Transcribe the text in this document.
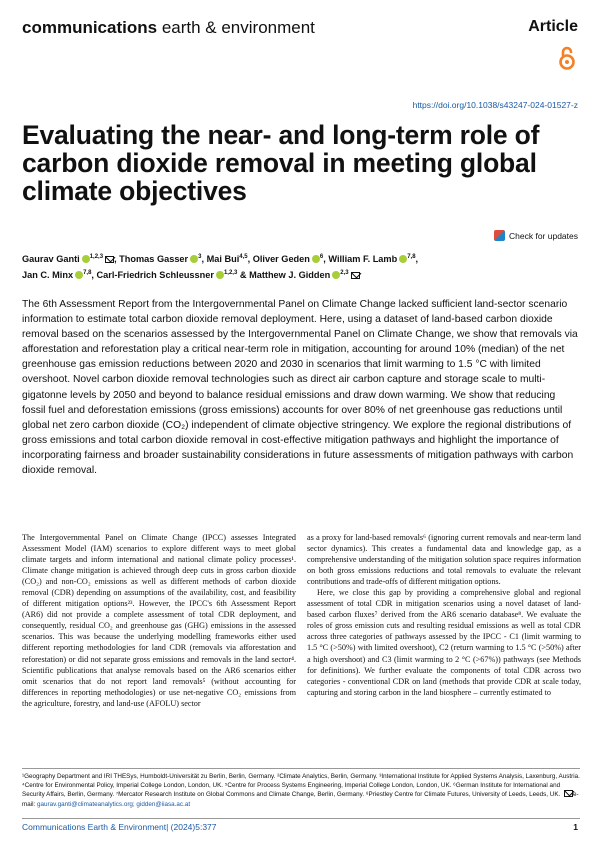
communications earth & environment	Article
https://doi.org/10.1038/s43247-024-01527-z
Evaluating the near- and long-term role of carbon dioxide removal in meeting global climate objectives
Check for updates
Gaurav Ganti $^{1,2,3}$ , Thomas Gasser $^3$, Mai Bui$^{4,5}$, Oliver Geden $^6$, William F. Lamb $^{7,8}$,
Jan C. Minx $^{7,8}$, Carl-Friedrich Schleussner $^{1,2,3}$ & Matthew J. Gidden $^{2,3}$
The 6th Assessment Report from the Intergovernmental Panel on Climate Change lacked sufficient land-sector scenario information to estimate total carbon dioxide removal deployment. Here, using a dataset of land-based carbon dioxide removal based on the scenarios assessed by the Intergovernmental Panel on Climate Change, we show that removals via afforestation and reforestation play a critical near-term role in mitigation, accounting for around 10% (median) of the net greenhouse gas emission reductions between 2020 and 2030 in scenarios that limit warming to 1.5 °C with limited overshoot. Novel carbon dioxide removal technologies such as direct air carbon capture and storage scale to multi-gigatonne levels by 2050 and beyond to balance residual emissions and draw down warming. We show that reducing fossil fuel and deforestation emissions (gross emissions) accounts for over 80% of net greenhouse gas reductions until global net zero carbon dioxide (CO₂) independent of climate objective stringency. We explore the regional distributions of gross emissions and total carbon dioxide removal in cost-effective mitigation pathways and highlight the importance of incorporating fairness and broader sustainability considerations in future assessments of mitigation pathways with carbon dioxide removal.

The Intergovernmental Panel on Climate Change (IPCC) assesses Integrated Assessment Model (IAM) scenarios to explore different ways to meet global climate targets and inform international and national climate policy processes¹. Climate change mitigation is achieved through deep cuts in gross carbon dioxide (CO₂) and non-CO₂ emissions as well as different methods of carbon dioxide removal (CDR) depending on assumptions of the availability, cost, and feasibility of different mitigation options²³. However, the IPCC's 6th Assessment Report (AR6) did not provide a complete assessment of total CDR deployment, and consequently, residual CO₂ and greenhouse gas (GHG) emissions in the assessed scenarios. This was because the underlying modelling frameworks either used different reporting methodologies for land CDR (removals via afforestation and reforestation) or did not separate gross emissions and removals in the land sector⁴. Scientific publications that analyse removals based on the AR6 scenarios either omit scenarios that do not report land removals⁵ (without accounting for differences in reporting methodologies) or use net-negative CO₂ emissions from the agriculture, forestry, and land-use (AFOLU) sector

as a proxy for land-based removals⁶ (ignoring current removals and near-term land sector dynamics). This creates a fundamental data and knowledge gap, as a comprehensive understanding of the mitigation solution space requires information on both gross emissions reductions and total removals to evaluate the relevant contributions and trade-offs of different mitigation options.

Here, we close this gap by providing a comprehensive global and regional assessment of total CDR in mitigation scenarios using a novel dataset of land-based carbon fluxes⁷ derived from the AR6 scenario database⁸. We evaluate the roles of gross emission cuts and resulting residual emissions as well as total CDR across three categories of pathways assessed by the IPCC - C1 (limit warming to 1.5 °C (>50%) with limited overshoot), C2 (return warming to 1.5 °C (>50%) after a high overshoot) and C3 (limit warming to 2 °C (>67%)) pathways (see Methods for definitions). We further evaluate the components of total CDR across two categories - conventional CDR on land (methods that provide CDR at scale today, capturing and storing carbon in the land biosphere – currently estimated to

¹Geography Department and IRI THESys, Humboldt-Universität zu Berlin, Berlin, Germany. ²Climate Analytics, Berlin, Germany. ³International Institute for Applied Systems Analysis, Laxenburg, Austria. ⁴Centre for Environmental Policy, Imperial College London, London, UK. ⁵Centre for Process Systems Engineering, Imperial College London, London, UK. ⁶German Institute for International and Security Affairs, Berlin, Germany. ⁷Mercator Research Institute on Global Commons and Climate Change, Berlin, Germany. ⁸Priestley Centre for Climate Futures, University of Leeds, Leeds, UK. e-mail: gaurav.ganti@climateanalytics.org; gidden@iiasa.ac.at
Communications Earth & Environment| (2024)5:377	1
